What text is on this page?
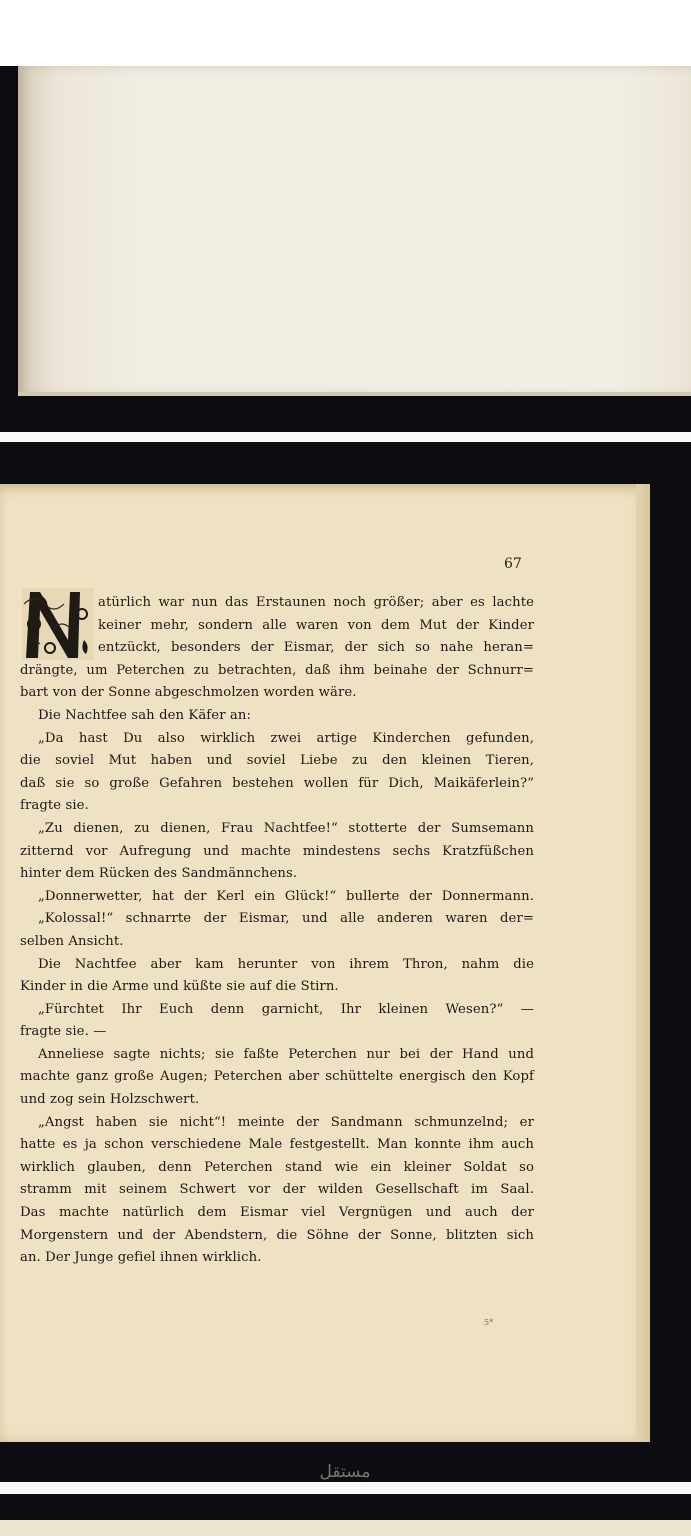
67
atürlich war nun das Erstaunen noch größer; aber es lachte
keiner mehr, sondern alle waren von dem Mut der Kinder
entzückt, besonders der Eismar, der sich so nahe heran=
drängte, um Peterchen zu betrachten, daß ihm beinahe der Schnurr=
bart von der Sonne abgeschmolzen worden wäre.
Die Nachtfee sah den Käfer an:
„Da hast Du also wirklich zwei artige Kinderchen gefunden,
die soviel Mut haben und soviel Liebe zu den kleinen Tieren,
daß sie so große Gefahren bestehen wollen für Dich, Maikäferlein?“
fragte sie.
„Zu dienen, zu dienen, Frau Nachtfee!“ stotterte der Sumsemann
zitternd vor Aufregung und machte mindestens sechs Kratzfüßchen
hinter dem Rücken des Sandmännchens.
„Donnerwetter, hat der Kerl ein Glück!“ bullerte der Donnermann.
„Kolossal!“ schnarrte der Eismar, und alle anderen waren der=
selben Ansicht.
Die Nachtfee aber kam herunter von ihrem Thron, nahm die
Kinder in die Arme und küßte sie auf die Stirn.
„Fürchtet Ihr Euch denn garnicht, Ihr kleinen Wesen?“ —
fragte sie. —
Anneliese sagte nichts; sie faßte Peterchen nur bei der Hand und
machte ganz große Augen; Peterchen aber schüttelte energisch den Kopf
und zog sein Holzschwert.
„Angst haben sie nicht“! meinte der Sandmann schmunzelnd; er
hatte es ja schon verschiedene Male festgestellt. Man konnte ihm auch
wirklich glauben, denn Peterchen stand wie ein kleiner Soldat so
stramm mit seinem Schwert vor der wilden Gesellschaft im Saal.
Das machte natürlich dem Eismar viel Vergnügen und auch der
Morgenstern und der Abendstern, die Söhne der Sonne, blitzten sich
an. Der Junge gefiel ihnen wirklich.
5*
مستقل
